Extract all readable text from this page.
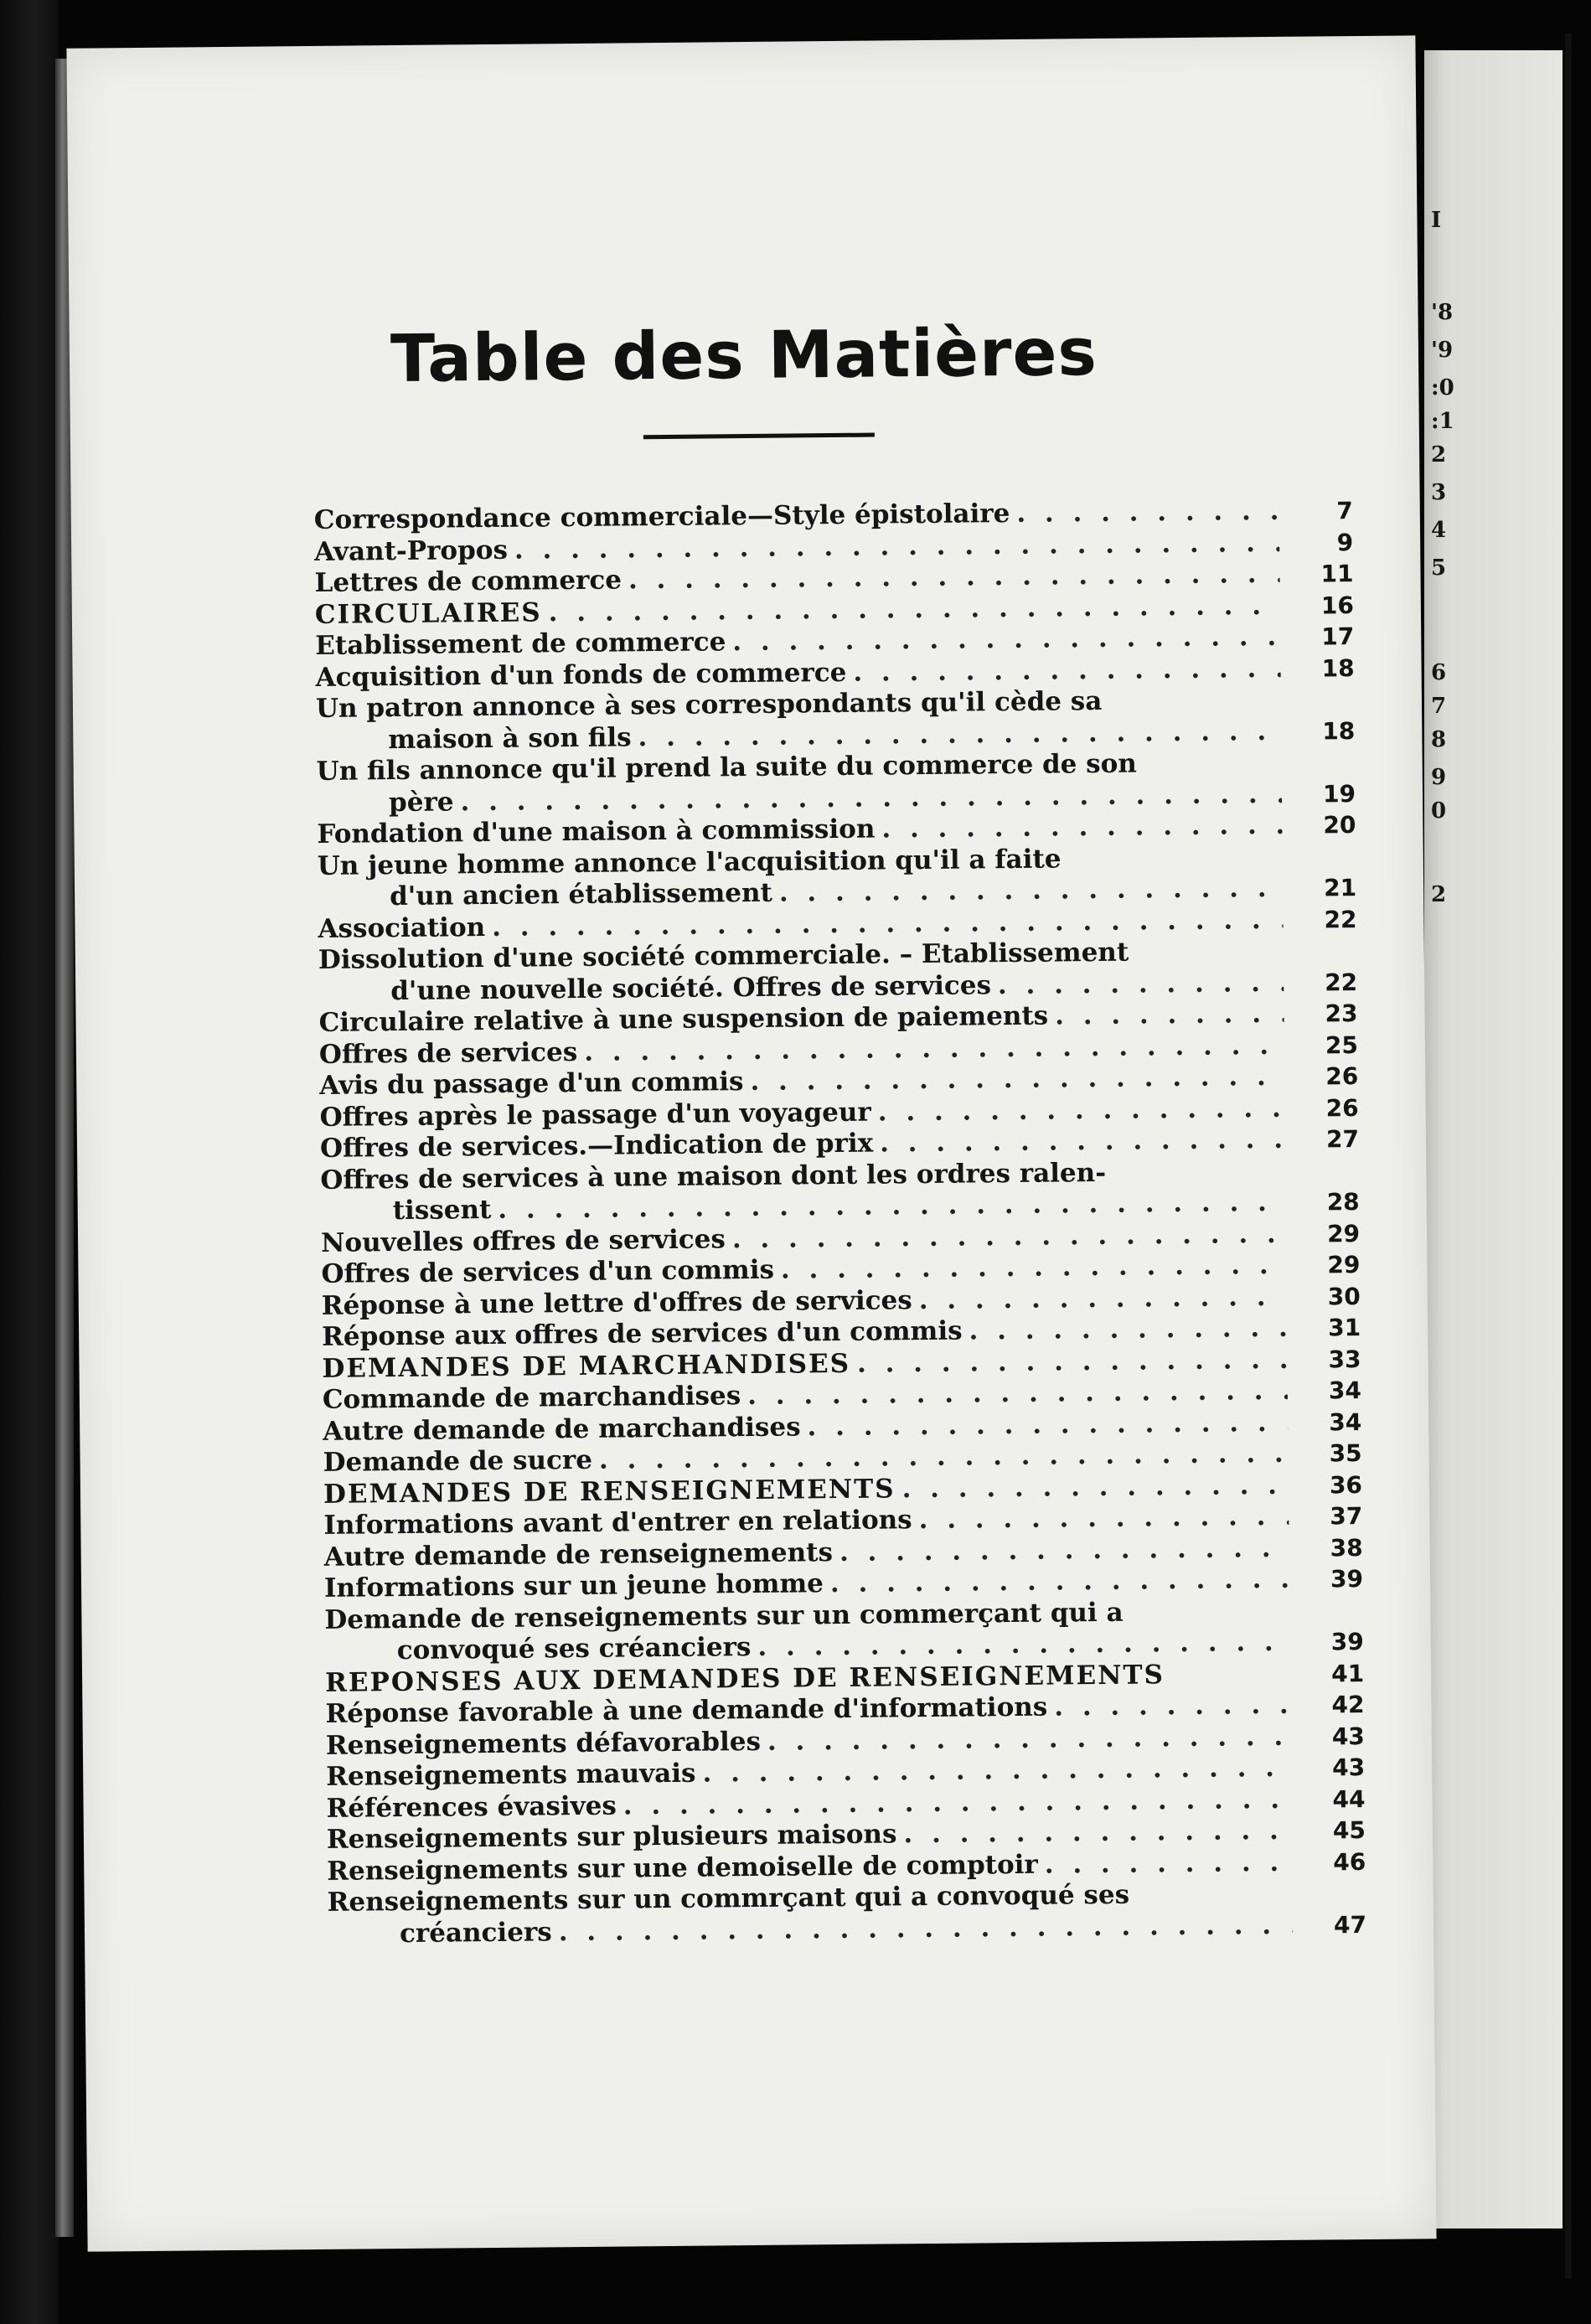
I
'8
'9
:0
:1
2
3
4
5
6
7
8
9
0
2
Table des Matières
Correspondance commerciale—Style épistolaire . . .	7
Avant-Propos . . .	9
Lettres de commerce . . .	11
CIRCULAIRES . . .	16
Etablissement de commerce . . .	17
Acquisition d'un fonds de commerce . . .	18
Un patron annonce à ses correspondants qu'il cède sa
maison à son fils . . .	18
Un fils annonce qu'il prend la suite du commerce de son
père . . .	19
Fondation d'une maison à commission . . .	20
Un jeune homme annonce l'acquisition qu'il a faite
d'un ancien établissement . . .	21
Association . . .	22
Dissolution d'une société commerciale. – Etablissement
d'une nouvelle société. Offres de services . . .	22
Circulaire relative à une suspension de paiements . . .	23
Offres de services . . .	25
Avis du passage d'un commis . . .	26
Offres après le passage d'un voyageur . . .	26
Offres de services.—Indication de prix . . .	27
Offres de services à une maison dont les ordres ralen-
tissent . . .	28
Nouvelles offres de services . . .	29
Offres de services d'un commis . . .	29
Réponse à une lettre d'offres de services . . .	30
Réponse aux offres de services d'un commis . . .	31
DEMANDES DE MARCHANDISES . . .	33
Commande de marchandises . . .	34
Autre demande de marchandises . . .	34
Demande de sucre . . .	35
DEMANDES DE RENSEIGNEMENTS . . .	36
Informations avant d'entrer en relations . . .	37
Autre demande de renseignements . . .	38
Informations sur un jeune homme . . .	39
Demande de renseignements sur un commerçant qui a
convoqué ses créanciers . . .	39
REPONSES AUX DEMANDES DE RENSEIGNEMENTS	41
Réponse favorable à une demande d'informations . . .	42
Renseignements défavorables . . .	43
Renseignements mauvais . . .	43
Références évasives . . .	44
Renseignements sur plusieurs maisons . . .	45
Renseignements sur une demoiselle de comptoir . . .	46
Renseignements sur un commrçant qui a convoqué ses
créanciers . . .	47
